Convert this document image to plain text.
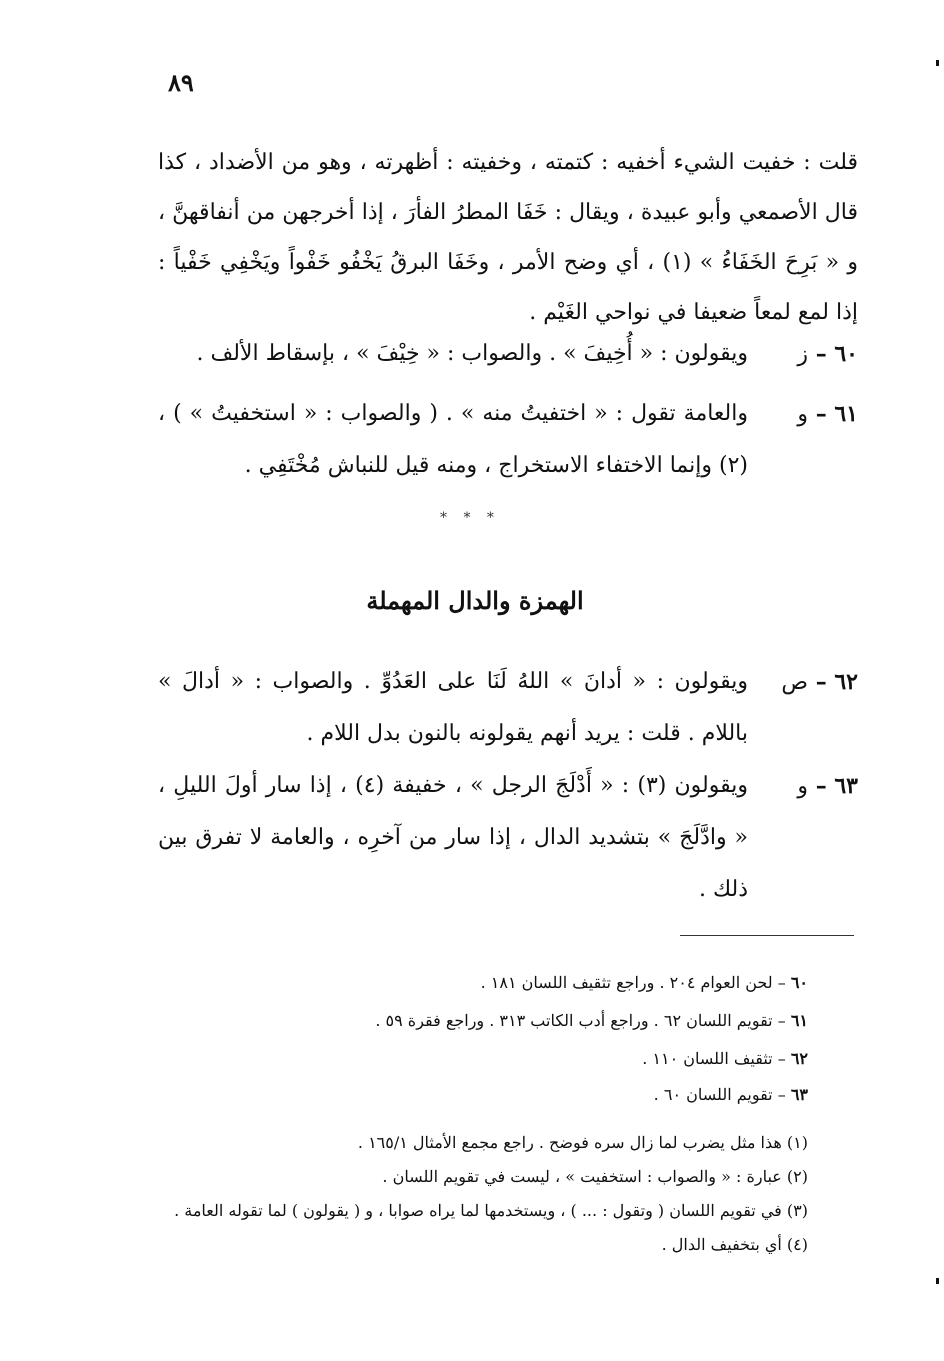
٨٩
قلت : خفيت الشيء أخفيه : كتمته ، وخفيته : أظهرته ، وهو من الأضداد ، كذا قال الأصمعي وأبو عبيدة ، ويقال : خَفَا المطرُ الفأرَ ، إذا أخرجهن من أنفاقهنَّ ، و « بَرِحَ الخَفَاءُ » (١) ، أي وضح الأمر ، وخَفَا البرقُ يَخْفُو خَفْواً ويَخْفِي خَفْياً : إذا لمع لمعاً ضعيفا في نواحي الغَيْم .
٦٠ – ز
ويقولون : « أُخِيفَ » . والصواب : « خِيْفَ » ، بإسقاط الألف .
٦١ – و
والعامة تقول : « اختفيتُ منه » . ( والصواب : « استخفيتُ » ) ، (٢) وإنما الاختفاء الاستخراج ، ومنه قيل للنباش مُخْتَفِي .
* * *
الهمزة والدال المهملة
٦٢ – ص
ويقولون : « أدانَ » اللهُ لَنَا على العَدُوِّ . والصواب : « أدالَ » باللام . قلت : يريد أنهم يقولونه بالنون بدل اللام .
٦٣ – و
ويقولون (٣) : « أَدْلَجَ الرجل » ، خفيفة (٤) ، إذا سار أولَ الليلِ ، « وادَّلَجَ » بتشديد الدال ، إذا سار من آخرِه ، والعامة لا تفرق بين ذلك .
٦٠ – لحن العوام ٢٠٤ . وراجع تثقيف اللسان ١٨١ .
٦١ – تقويم اللسان ٦٢ . وراجع أدب الكاتب ٣١٣ . وراجع فقرة ٥٩ .
٦٢ – تثقيف اللسان ١١٠ .
٦٣ – تقويم اللسان ٦٠ .
(١) هذا مثل يضرب لما زال سره فوضح . راجع مجمع الأمثال ١٦٥/١ .
(٢) عبارة : « والصواب : استخفيت » ، ليست في تقويم اللسان .
(٣) في تقويم اللسان ( وتقول : ... ) ، ويستخدمها لما يراه صوابا ، و ( يقولون ) لما تقوله العامة .
(٤) أي بتخفيف الدال .
